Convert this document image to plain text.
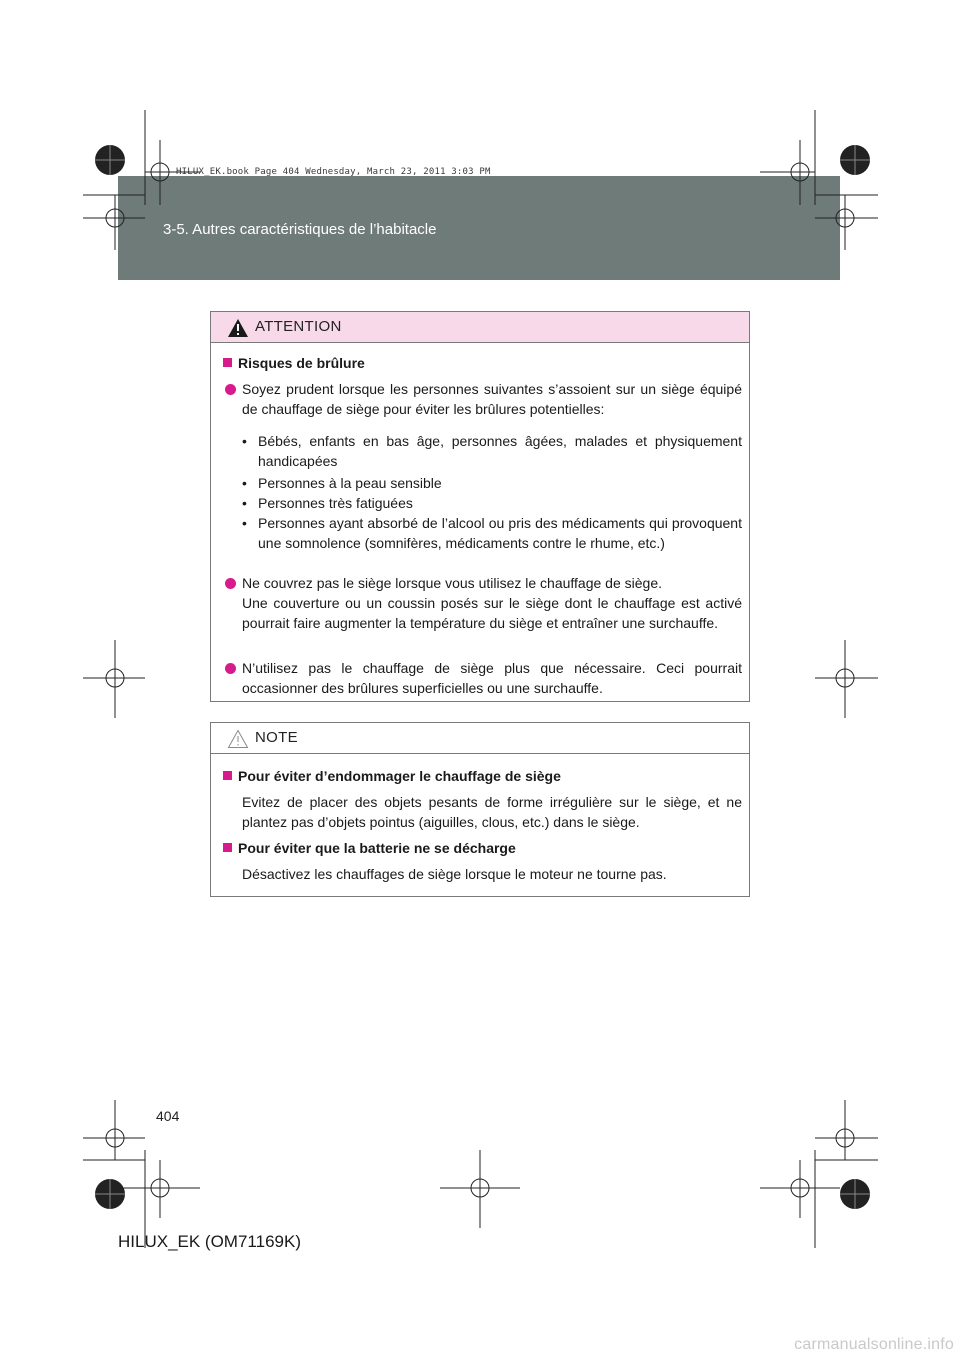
3-5. Autres caractéristiques de l’habitacle
HILUX_EK.book Page 404 Wednesday, March 23, 2011 3:03 PM
ATTENTION
Risques de brûlure
Soyez prudent lorsque les personnes suivantes s’assoient sur un siège équipé de chauffage de siège pour éviter les brûlures potentielles:
• Bébés, enfants en bas âge, personnes âgées, malades et physiquement handicapées
• Personnes à la peau sensible
• Personnes très fatiguées
• Personnes ayant absorbé de l’alcool ou pris des médicaments qui provoquent une somnolence (somnifères, médicaments contre le rhume, etc.)
Ne couvrez pas le siège lorsque vous utilisez le chauffage de siège.
Une couverture ou un coussin posés sur le siège dont le chauffage est activé pourrait faire augmenter la température du siège et entraîner une surchauffe.
N’utilisez pas le chauffage de siège plus que nécessaire. Ceci pourrait occasionner des brûlures superficielles ou une surchauffe.
NOTE
Pour éviter d’endommager le chauffage de siège
Evitez de placer des objets pesants de forme irrégulière sur le siège, et ne plantez pas d’objets pointus (aiguilles, clous, etc.) dans le siège.
Pour éviter que la batterie ne se décharge
Désactivez les chauffages de siège lorsque le moteur ne tourne pas.
404
HILUX_EK (OM71169K)
carmanualsonline.info
